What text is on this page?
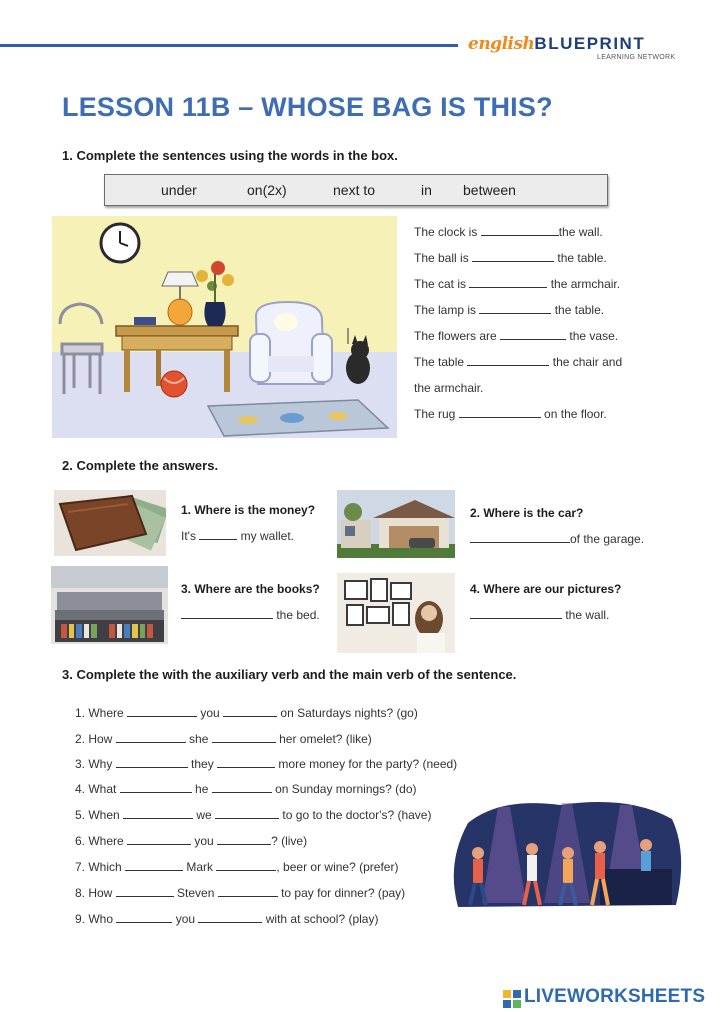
englishBLUEPRINT
LEARNING NETWORK
LESSON 11B – WHOSE BAG IS THIS?
1. Complete the sentences using the words in the box.
under	on(2x)	next to	in between
The clock is	the wall.
The ball is	the table.
The cat is	the armchair.
The lamp is	the table.
The flowers are	the vase.
The table	the chair and
the armchair.
The rug	on the floor.
2. Complete the answers.
1. Where is the money?
It's	my wallet.
2. Where is the car?
of the garage.
3. Where are the books?
the bed.
4. Where are our pictures?
the wall.
3. Complete the with the auxiliary verb and the main verb of the sentence.
1. Where	you	on Saturdays nights? (go)
2. How	she	her omelet? (like)
3. Why	they	more money for the party? (need)
4. What	he	on Sunday mornings? (do)
5. When	we	to go to the doctor's? (have)
6. Where	you	? (live)
7. Which	Mark	, beer or wine? (prefer)
8. How	Steven	to pay for dinner? (pay)
9. Who	you	with at school? (play)
LIVEWORKSHEETS
